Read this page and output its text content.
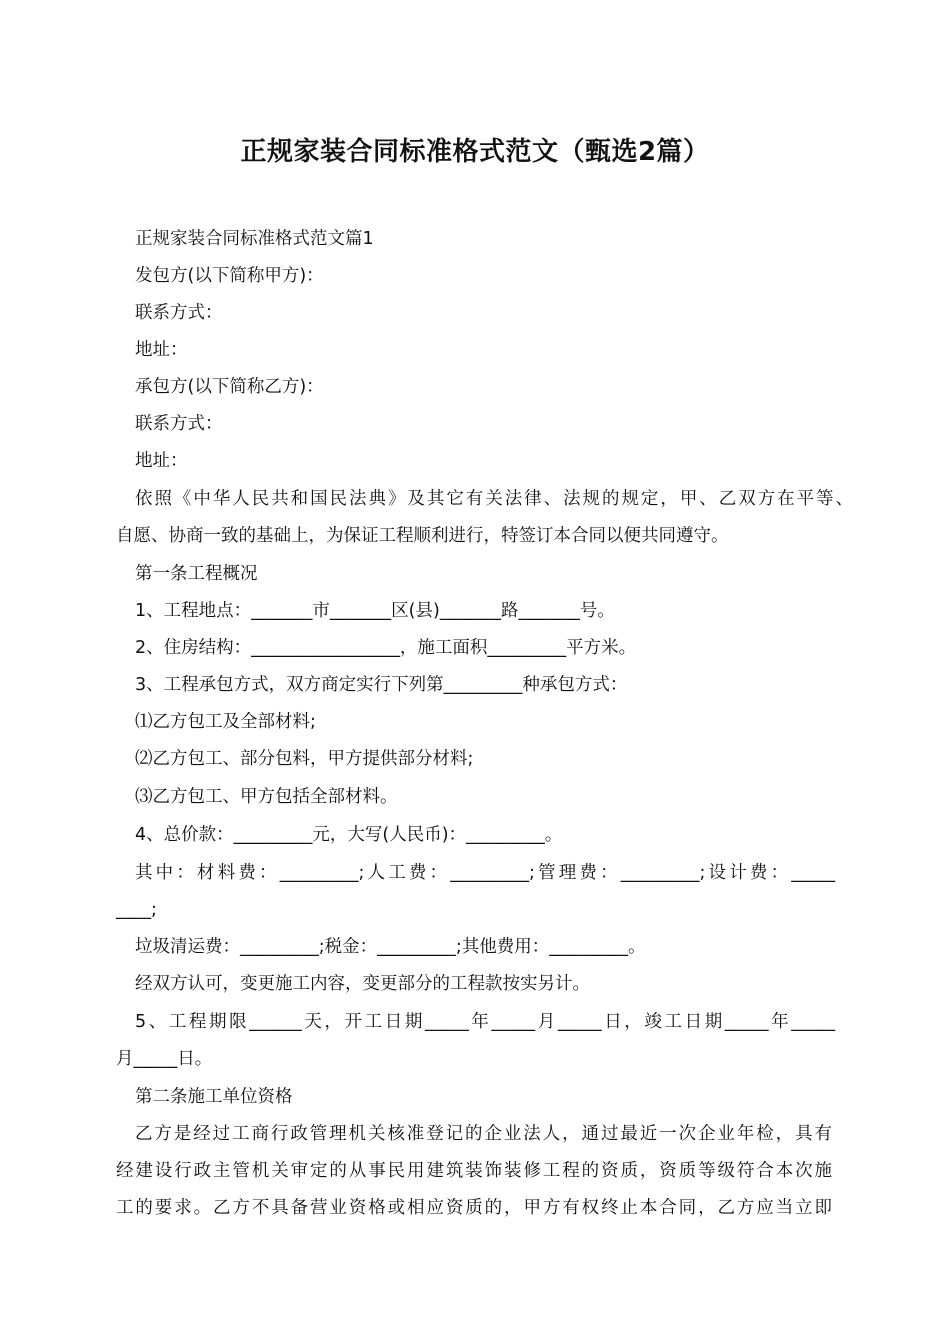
正规家装合同标准格式范文（甄选2篇）
正规家装合同标准格式范文篇1
发包方(以下简称甲方)：
联系方式：
地址：
承包方(以下简称乙方)：
联系方式：
地址：
依照《中华人民共和国民法典》及其它有关法律、法规的规定，甲、乙双方在平等、
自愿、协商一致的基础上，为保证工程顺利进行，特签订本合同以便共同遵守。
第一条工程概况
1、工程地点：_______市_______区(县)_______路_______号。
2、住房结构：_________________，施工面积_________平方米。
3、工程承包方式，双方商定实行下列第_________种承包方式：
⑴乙方包工及全部材料;
⑵乙方包工、部分包料，甲方提供部分材料;
⑶乙方包工、甲方包括全部材料。
4、总价款：_________元，大写(人民币)：_________。
其中：材料费：_________;人工费：_________;管理费：_________;设计费：_____
____;
垃圾清运费：_________;税金：_________;其他费用：_________。
经双方认可，变更施工内容，变更部分的工程款按实另计。
5、工程期限______天，开工日期_____年_____月_____日，竣工日期_____年_____
月_____日。
第二条施工单位资格
乙方是经过工商行政管理机关核准登记的企业法人，通过最近一次企业年检，具有
经建设行政主管机关审定的从事民用建筑装饰装修工程的资质，资质等级符合本次施
工的要求。乙方不具备营业资格或相应资质的，甲方有权终止本合同，乙方应当立即
